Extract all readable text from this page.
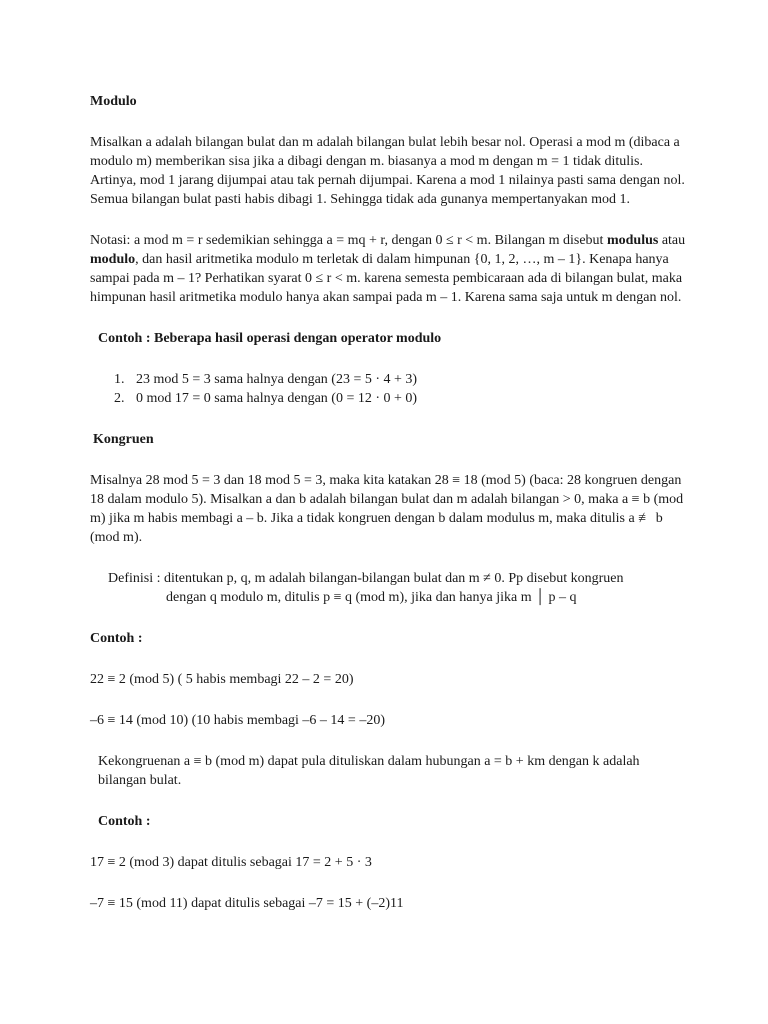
Modulo

Misalkan a adalah bilangan bulat dan m adalah bilangan bulat lebih besar nol. Operasi a mod m (dibaca a modulo m) memberikan sisa jika a dibagi dengan m. biasanya a mod m dengan m = 1 tidak ditulis. Artinya, mod 1 jarang dijumpai atau tak pernah dijumpai. Karena a mod 1 nilainya pasti sama dengan nol. Semua bilangan bulat pasti habis dibagi 1. Sehingga tidak ada gunanya mempertanyakan mod 1.

Notasi: a mod m = r sedemikian sehingga a = mq + r, dengan 0 ≤ r < m. Bilangan m disebut modulus atau modulo, dan hasil aritmetika modulo m terletak di dalam himpunan {0, 1, 2, …, m – 1}. Kenapa hanya sampai pada m – 1? Perhatikan syarat 0 ≤ r < m. karena semesta pembicaraan ada di bilangan bulat, maka himpunan hasil aritmetika modulo hanya akan sampai pada m – 1. Karena sama saja untuk m dengan nol.

Contoh : Beberapa hasil operasi dengan operator modulo

1. 23 mod 5 = 3 sama halnya dengan (23 = 5 · 4 + 3)
2. 0 mod 17 = 0 sama halnya dengan (0 = 12 · 0 + 0)

Kongruen

Misalnya 28 mod 5 = 3 dan 18 mod 5 = 3, maka kita katakan 28 ≡ 18 (mod 5) (baca: 28 kongruen dengan 18 dalam modulo 5). Misalkan a dan b adalah bilangan bulat dan m adalah bilangan > 0, maka a ≡ b (mod m) jika m habis membagi a – b. Jika a tidak kongruen dengan b dalam modulus m, maka ditulis a ≢ b (mod m).

Definisi : ditentukan p, q, m adalah bilangan-bilangan bulat dan m ≠ 0. Pp disebut kongruen

dengan q modulo m, ditulis p ≡ q (mod m), jika dan hanya jika m │ p – q

Contoh :

22 ≡ 2 (mod 5) ( 5 habis membagi 22 – 2 = 20)

–6 ≡ 14 (mod 10) (10 habis membagi –6 – 14 = –20)

Kekongruenan a ≡ b (mod m) dapat pula dituliskan dalam hubungan a = b + km dengan k adalah bilangan bulat.

Contoh :

17 ≡ 2 (mod 3) dapat ditulis sebagai 17 = 2 + 5 · 3

–7 ≡ 15 (mod 11) dapat ditulis sebagai –7 = 15 + (–2)11
